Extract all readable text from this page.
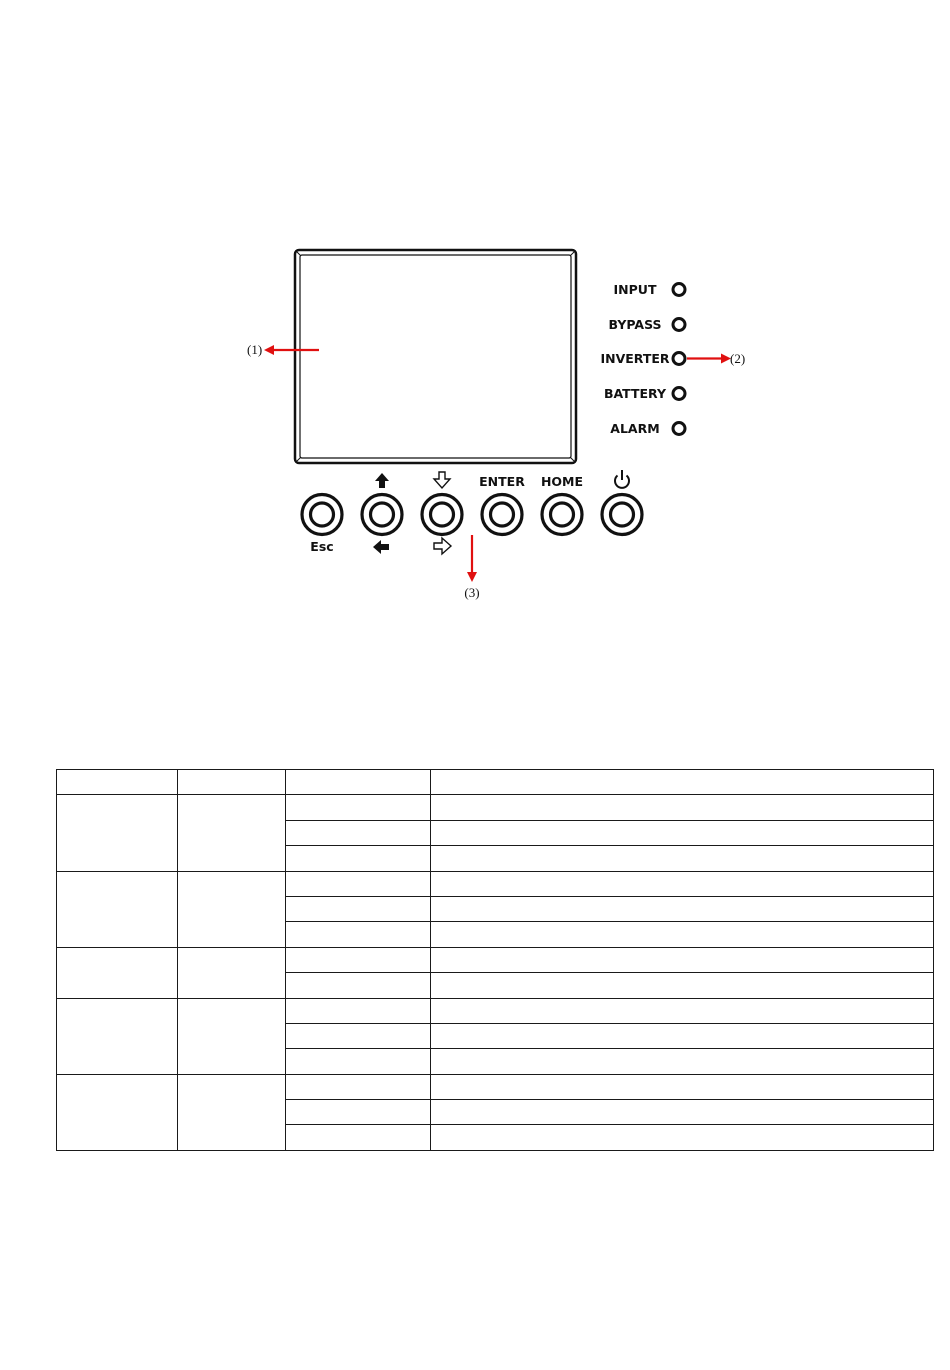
(1)
INPUT
BYPASS
INVERTER
BATTERY
ALARM
(2)
Esc
ENTER HOME
(3)
